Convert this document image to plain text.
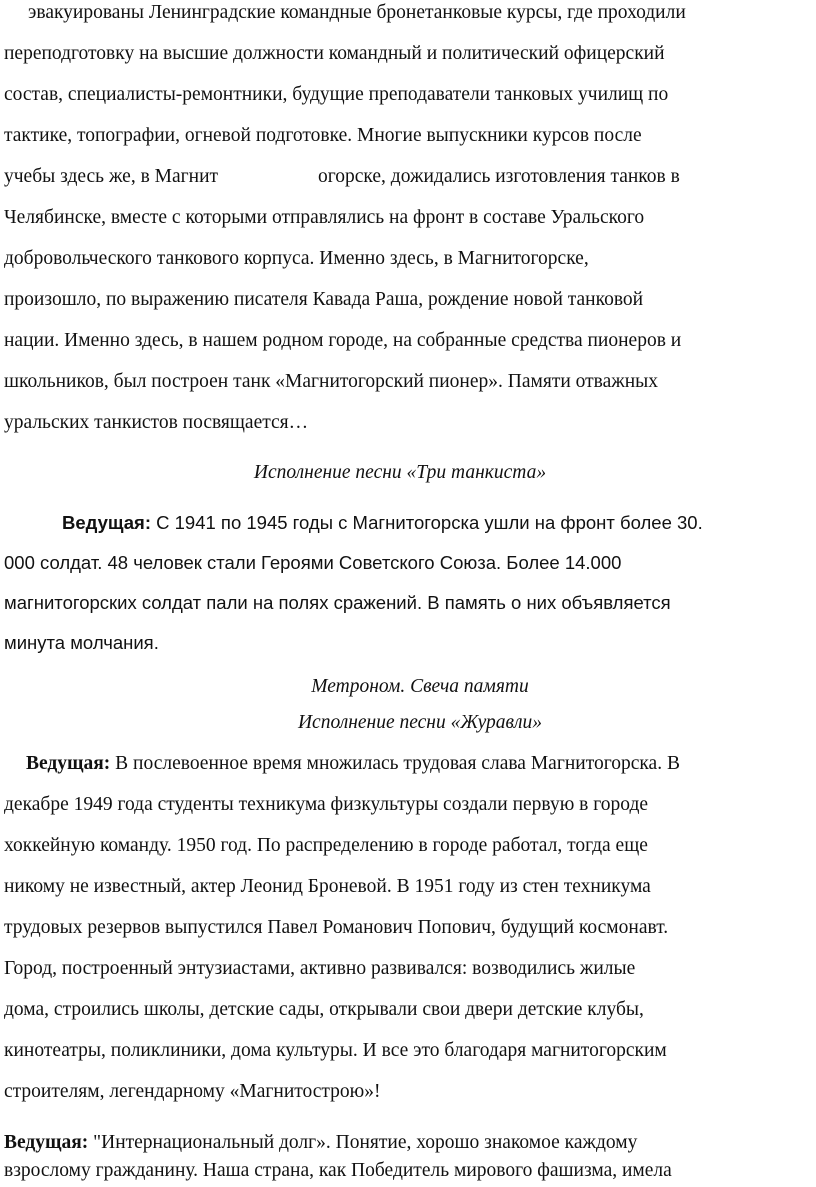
эвакуированы Ленинградские командные бронетанковые курсы, где проходили
переподготовку на высшие должности командный и политический офицерский
состав, специалисты-ремонтники, будущие преподаватели танковых училищ по
тактике, топографии, огневой подготовке. Многие выпускники курсов после
учебы здесь же, в Магнит	огорске, дожидались изготовления танков в
Челябинске, вместе с которыми отправлялись на фронт в составе Уральского
добровольческого танкового корпуса. Именно здесь, в Магнитогорске,
произошло, по выражению писателя Кавада Раша, рождение новой танковой
нации. Именно здесь, в нашем родном городе, на собранные средства пионеров и
школьников, был построен танк «Магнитогорский пионер». Памяти отважных
уральских танкистов посвящается…
Исполнение песни «Три танкиста»
Ведущая: С 1941 по 1945 годы с Магнитогорска ушли на фронт более 30.
000 солдат. 48 человек стали Героями Советского Союза. Более 14.000
магнитогорских солдат пали на полях сражений. В память о них объявляется
минута молчания.
Метроном. Свеча памяти
Исполнение песни «Журавли»
Ведущая: В послевоенное время множилась трудовая слава Магнитогорска. В
декабре 1949 года студенты техникума физкультуры создали первую в городе
хоккейную команду. 1950 год. По распределению в городе работал, тогда еще
никому не известный, актер Леонид Броневой. В 1951 году из стен техникума
трудовых резервов выпустился Павел Романович Попович, будущий космонавт.
Город, построенный энтузиастами, активно развивался: возводились жилые
дома, строились школы, детские сады, открывали свои двери детские клубы,
кинотеатры, поликлиники, дома культуры. И все это благодаря магнитогорским
строителям, легендарному «Магнитострою»!
Ведущая: "Интернациональный долг». Понятие, хорошо знакомое каждому
взрослому гражданину. Наша страна, как Победитель мирового фашизма, имела
